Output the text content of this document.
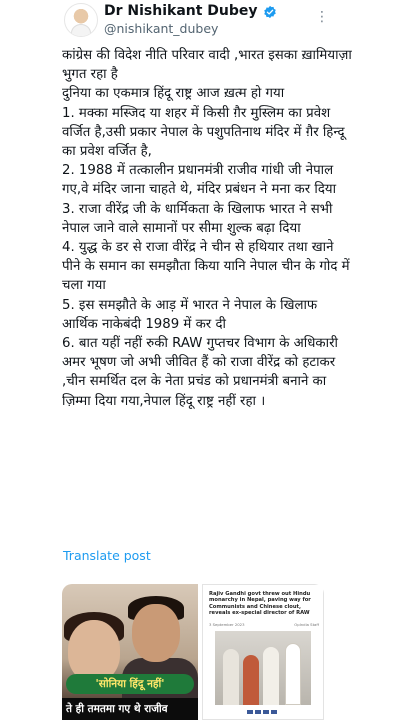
Dr Nishikant Dubey
@nishikant_dubey
⋮

कांग्रेस की विदेश नीति परिवार वादी ,भारत इसका ख़ामियाज़ा भुगत रहा है

दुनिया का एकमात्र हिंदू राष्ट्र आज ख़त्म हो गया

1. मक्का मस्जिद या शहर में किसी ग़ैर मुस्लिम का प्रवेश वर्जित है,उसी प्रकार नेपाल के पशुपतिनाथ मंदिर में ग़ैर हिन्दू का प्रवेश वर्जित है,

2. 1988 में तत्कालीन प्रधानमंत्री राजीव गांधी जी नेपाल गए,वे मंदिर जाना चाहते थे, मंदिर प्रबंधन ने मना कर दिया

3. राजा वीरेंद्र जी के धार्मिकता के खिलाफ भारत ने सभी नेपाल जाने वाले सामानों पर सीमा शुल्क बढ़ा दिया

4. युद्ध के डर से राजा वीरेंद्र ने चीन से हथियार तथा खाने पीने के समान का समझौता किया यानि नेपाल चीन के गोद में चला गया

5. इस समझौते के आड़ में भारत ने नेपाल के खिलाफ आर्थिक नाकेबंदी 1989 में कर दी

6. बात यहीं नहीं रुकी RAW गुप्तचर विभाग के अधिकारी अमर भूषण जो अभी जीवित हैं को राजा वीरेंद्र को हटाकर ,चीन समर्थित दल के नेता प्रचंड को प्रधानमंत्री बनाने का ज़िम्मा दिया गया,नेपाल हिंदू राष्ट्र नहीं रहा ।

Translate post
'सोनिया हिंदू नहीं'
ते ही तमतमा गए थे राजीव
Rajiv Gandhi govt threw out Hindu monarchy in Nepal, paving way for Communists and Chinese clout, reveals ex-special director of RAW
3 September 2023	OpIndia Staff
